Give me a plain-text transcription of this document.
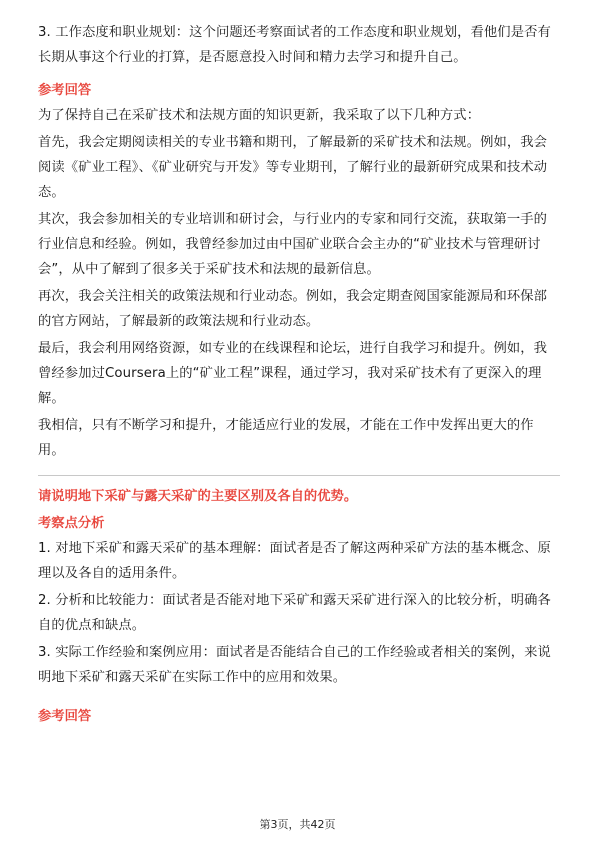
3. 工作态度和职业规划：这个问题还考察面试者的工作态度和职业规划，看他们是否有长期从事这个行业的打算，是否愿意投入时间和精力去学习和提升自己。

参考回答

为了保持自己在采矿技术和法规方面的知识更新，我采取了以下几种方式：

首先，我会定期阅读相关的专业书籍和期刊，了解最新的采矿技术和法规。例如，我会阅读《矿业工程》、《矿业研究与开发》等专业期刊，了解行业的最新研究成果和技术动态。

其次，我会参加相关的专业培训和研讨会，与行业内的专家和同行交流，获取第一手的行业信息和经验。例如，我曾经参加过由中国矿业联合会主办的“矿业技术与管理研讨会”，从中了解到了很多关于采矿技术和法规的最新信息。

再次，我会关注相关的政策法规和行业动态。例如，我会定期查阅国家能源局和环保部的官方网站，了解最新的政策法规和行业动态。

最后，我会利用网络资源，如专业的在线课程和论坛，进行自我学习和提升。例如，我曾经参加过Coursera上的“矿业工程”课程，通过学习，我对采矿技术有了更深入的理解。

我相信，只有不断学习和提升，才能适应行业的发展，才能在工作中发挥出更大的作用。

请说明地下采矿与露天采矿的主要区别及各自的优势。
考察点分析

1. 对地下采矿和露天采矿的基本理解：面试者是否了解这两种采矿方法的基本概念、原理以及各自的适用条件。

2. 分析和比较能力：面试者是否能对地下采矿和露天采矿进行深入的比较分析，明确各自的优点和缺点。

3. 实际工作经验和案例应用：面试者是否能结合自己的工作经验或者相关的案例，来说明地下采矿和露天采矿在实际工作中的应用和效果。

参考回答
第3页，共42页
